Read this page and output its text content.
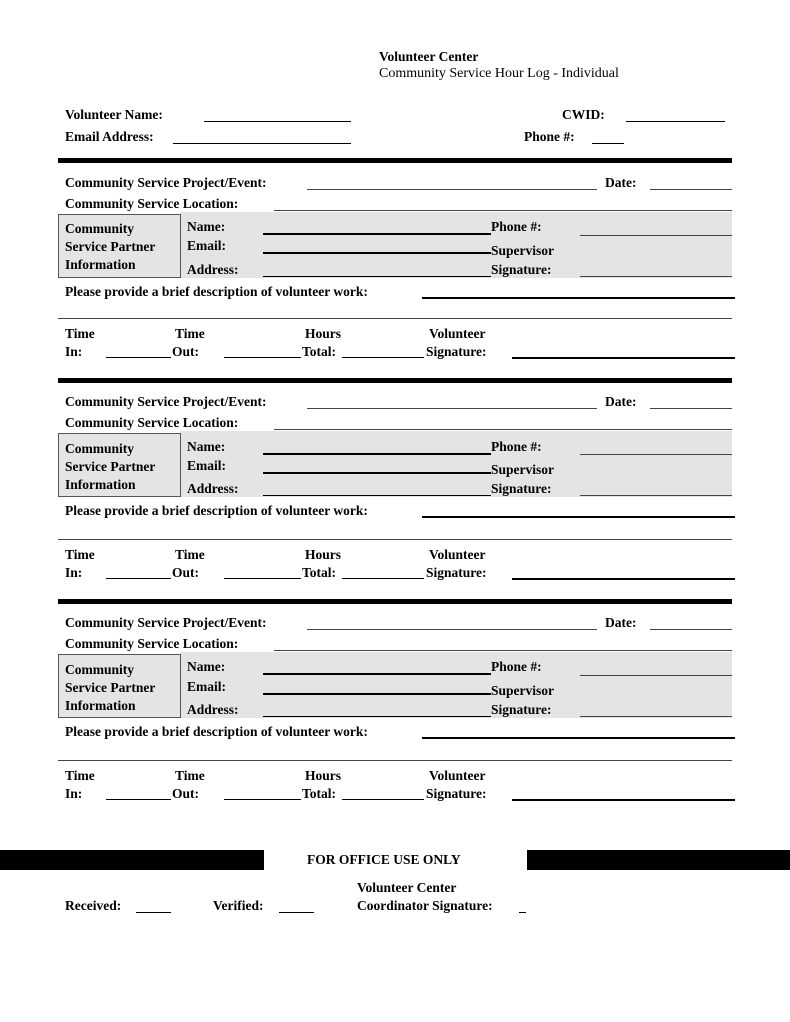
Volunteer Center
Community Service Hour Log - Individual
Volunteer Name:
Email Address:
CWID:
Phone #:
Community Service Project/Event:	Date:
Community Service Location:
Community
Service Partner
Information
Name:
Email:
Address:
Phone #:
Supervisor
Signature:
Please provide a brief description of volunteer work:
Time
In:
Time
Out:
Hours
Total:
Volunteer
Signature:
Community Service Project/Event:	Date:
Community Service Location:
Community
Service Partner
Information
Name:
Email:
Address:
Phone #:
Supervisor
Signature:
Please provide a brief description of volunteer work:
Time
In:
Time
Out:
Hours
Total:
Volunteer
Signature:
Community Service Project/Event:	Date:
Community Service Location:
Community
Service Partner
Information
Name:
Email:
Address:
Phone #:
Supervisor
Signature:
Please provide a brief description of volunteer work:
Time
In:
Time
Out:
Hours
Total:
Volunteer
Signature:
FOR OFFICE USE ONLY
Received:	Verified:
Volunteer Center
Coordinator Signature:
